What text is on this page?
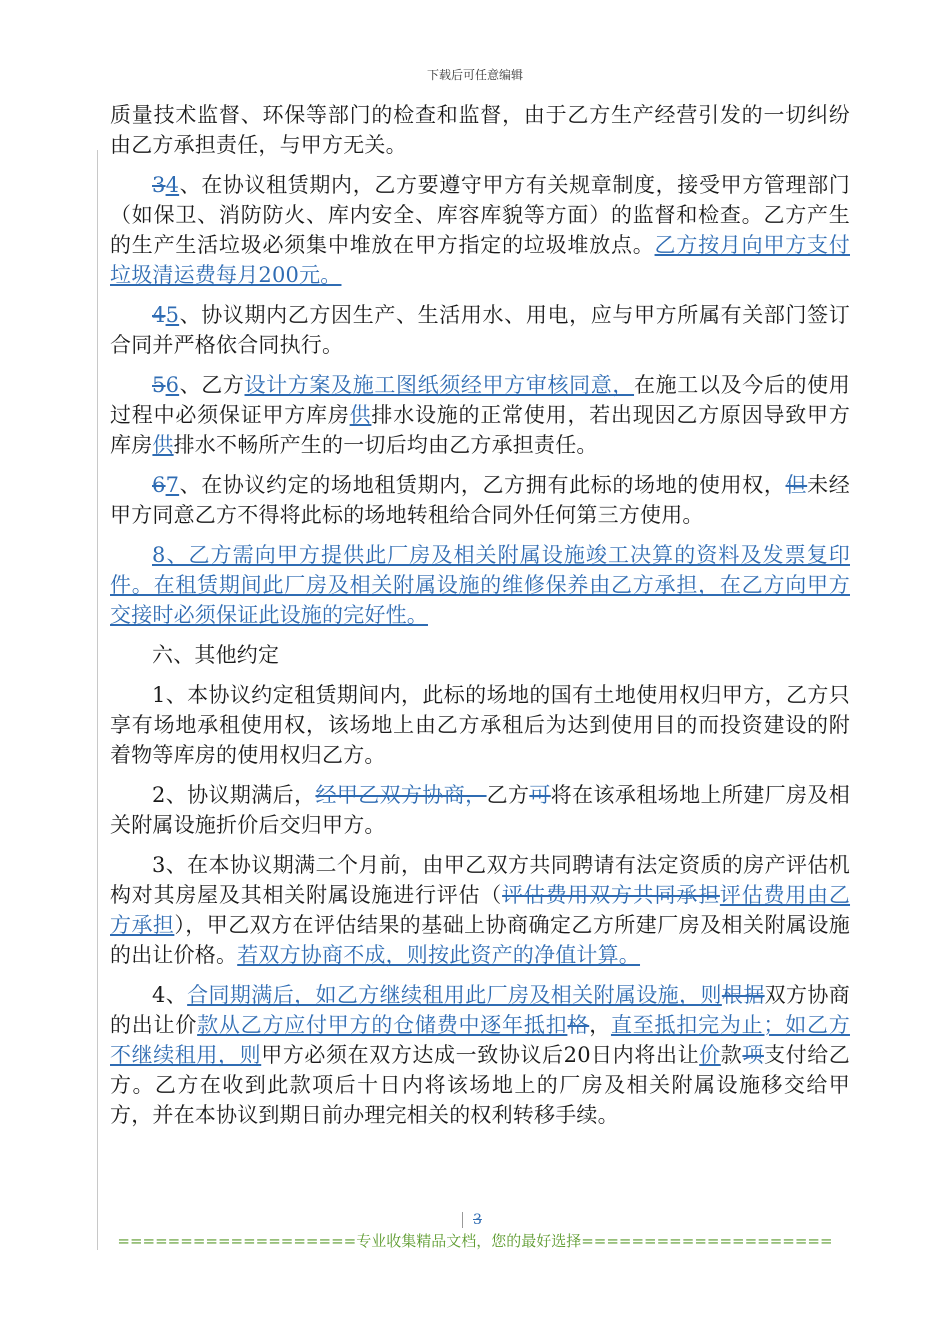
下载后可任意编辑

质量技术监督、环保等部门的检查和监督，由于乙方生产经营引发的一切纠纷由乙方承担责任，与甲方无关。

34、在协议租赁期内，乙方要遵守甲方有关规章制度，接受甲方管理部门（如保卫、消防防火、库内安全、库容库貌等方面）的监督和检查。乙方产生的生产生活垃圾必须集中堆放在甲方指定的垃圾堆放点。乙方按月向甲方支付垃圾清运费每月200元。

45、协议期内乙方因生产、生活用水、用电，应与甲方所属有关部门签订合同并严格依合同执行。

56、乙方设计方案及施工图纸须经甲方审核同意，在施工以及今后的使用过程中必须保证甲方库房供排水设施的正常使用，若出现因乙方原因导致甲方库房供排水不畅所产生的一切后均由乙方承担责任。

67、在协议约定的场地租赁期内，乙方拥有此标的场地的使用权，但未经甲方同意乙方不得将此标的场地转租给合同外任何第三方使用。

8、乙方需向甲方提供此厂房及相关附属设施竣工决算的资料及发票复印件。在租赁期间此厂房及相关附属设施的维修保养由乙方承担，在乙方向甲方交接时必须保证此设施的完好性。

六、其他约定

1、本协议约定租赁期间内，此标的场地的国有土地使用权归甲方，乙方只享有场地承租使用权，该场地上由乙方承租后为达到使用目的而投资建设的附着物等库房的使用权归乙方。

2、协议期满后，经甲乙双方协商，乙方可将在该承租场地上所建厂房及相关附属设施折价后交归甲方。

3、在本协议期满二个月前，由甲乙双方共同聘请有法定资质的房产评估机构对其房屋及其相关附属设施进行评估（评估费用双方共同承担评估费用由乙方承担），甲乙双方在评估结果的基础上协商确定乙方所建厂房及相关附属设施的出让价格。若双方协商不成，则按此资产的净值计算。

4、合同期满后，如乙方继续租用此厂房及相关附属设施，则根据双方协商的出让价款从乙方应付甲方的仓储费中逐年抵扣格，直至抵扣完为止；如乙方不继续租用，则甲方必须在双方达成一致协议后20日内将出让价款项支付给乙方。乙方在收到此款项后十日内将该场地上的厂房及相关附属设施移交给甲方，并在本协议到期日前办理完相关的权利转移手续。

3
===================专业收集精品文档，您的最好选择====================
